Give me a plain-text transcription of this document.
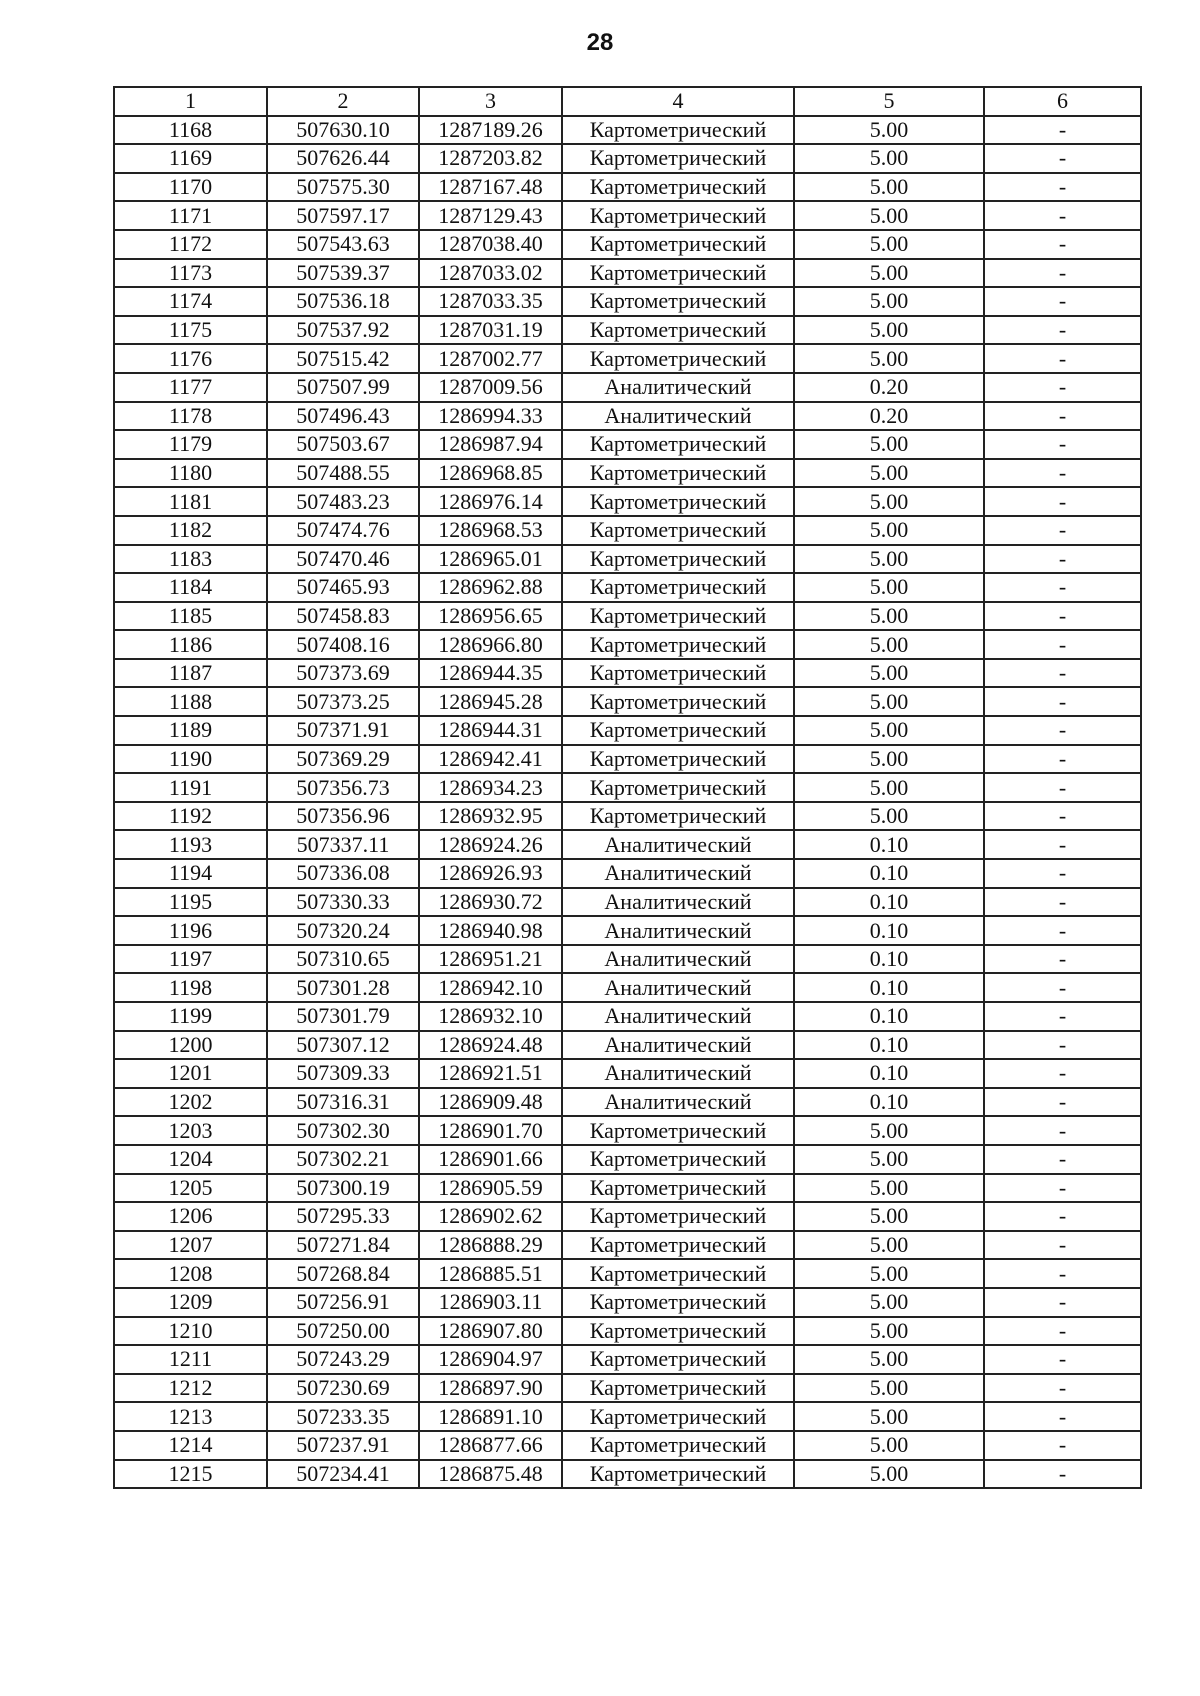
28
1	2	3	4	5	6
1168	507630.10	1287189.26	Картометрический	5.00	-
1169	507626.44	1287203.82	Картометрический	5.00	-
1170	507575.30	1287167.48	Картометрический	5.00	-
1171	507597.17	1287129.43	Картометрический	5.00	-
1172	507543.63	1287038.40	Картометрический	5.00	-
1173	507539.37	1287033.02	Картометрический	5.00	-
1174	507536.18	1287033.35	Картометрический	5.00	-
1175	507537.92	1287031.19	Картометрический	5.00	-
1176	507515.42	1287002.77	Картометрический	5.00	-
1177	507507.99	1287009.56	Аналитический	0.20	-
1178	507496.43	1286994.33	Аналитический	0.20	-
1179	507503.67	1286987.94	Картометрический	5.00	-
1180	507488.55	1286968.85	Картометрический	5.00	-
1181	507483.23	1286976.14	Картометрический	5.00	-
1182	507474.76	1286968.53	Картометрический	5.00	-
1183	507470.46	1286965.01	Картометрический	5.00	-
1184	507465.93	1286962.88	Картометрический	5.00	-
1185	507458.83	1286956.65	Картометрический	5.00	-
1186	507408.16	1286966.80	Картометрический	5.00	-
1187	507373.69	1286944.35	Картометрический	5.00	-
1188	507373.25	1286945.28	Картометрический	5.00	-
1189	507371.91	1286944.31	Картометрический	5.00	-
1190	507369.29	1286942.41	Картометрический	5.00	-
1191	507356.73	1286934.23	Картометрический	5.00	-
1192	507356.96	1286932.95	Картометрический	5.00	-
1193	507337.11	1286924.26	Аналитический	0.10	-
1194	507336.08	1286926.93	Аналитический	0.10	-
1195	507330.33	1286930.72	Аналитический	0.10	-
1196	507320.24	1286940.98	Аналитический	0.10	-
1197	507310.65	1286951.21	Аналитический	0.10	-
1198	507301.28	1286942.10	Аналитический	0.10	-
1199	507301.79	1286932.10	Аналитический	0.10	-
1200	507307.12	1286924.48	Аналитический	0.10	-
1201	507309.33	1286921.51	Аналитический	0.10	-
1202	507316.31	1286909.48	Аналитический	0.10	-
1203	507302.30	1286901.70	Картометрический	5.00	-
1204	507302.21	1286901.66	Картометрический	5.00	-
1205	507300.19	1286905.59	Картометрический	5.00	-
1206	507295.33	1286902.62	Картометрический	5.00	-
1207	507271.84	1286888.29	Картометрический	5.00	-
1208	507268.84	1286885.51	Картометрический	5.00	-
1209	507256.91	1286903.11	Картометрический	5.00	-
1210	507250.00	1286907.80	Картометрический	5.00	-
1211	507243.29	1286904.97	Картометрический	5.00	-
1212	507230.69	1286897.90	Картометрический	5.00	-
1213	507233.35	1286891.10	Картометрический	5.00	-
1214	507237.91	1286877.66	Картометрический	5.00	-
1215	507234.41	1286875.48	Картометрический	5.00	-
